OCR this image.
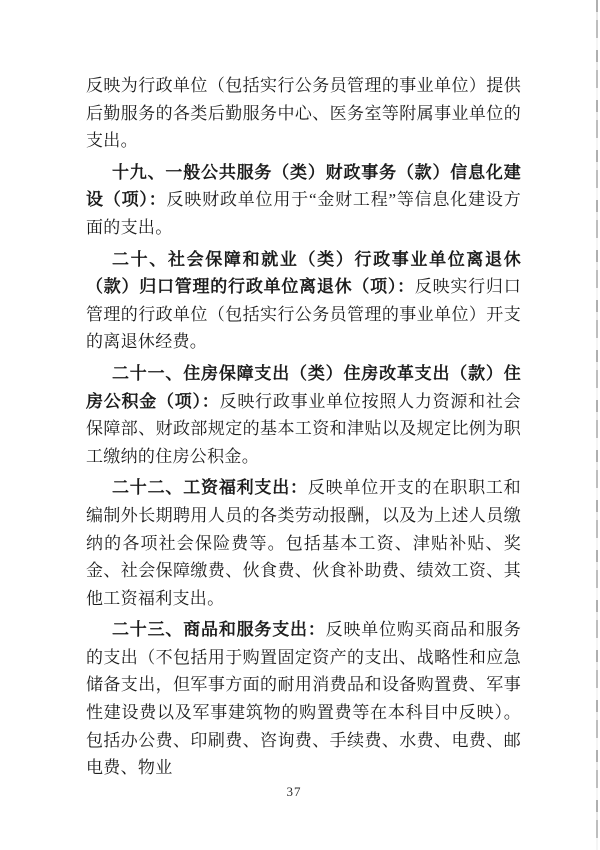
反映为行政单位（包括实行公务员管理的事业单位）提供后勤服务的各类后勤服务中心、医务室等附属事业单位的支出。

十九、一般公共服务（类）财政事务（款）信息化建设（项）：反映财政单位用于“金财工程”等信息化建设方面的支出。

二十、社会保障和就业（类）行政事业单位离退休（款）归口管理的行政单位离退休（项）：反映实行归口管理的行政单位（包括实行公务员管理的事业单位）开支的离退休经费。

二十一、住房保障支出（类）住房改革支出（款）住房公积金（项）：反映行政事业单位按照人力资源和社会保障部、财政部规定的基本工资和津贴以及规定比例为职工缴纳的住房公积金。

二十二、工资福利支出：反映单位开支的在职职工和编制外长期聘用人员的各类劳动报酬，以及为上述人员缴纳的各项社会保险费等。包括基本工资、津贴补贴、奖金、社会保障缴费、伙食费、伙食补助费、绩效工资、其他工资福利支出。

二十三、商品和服务支出：反映单位购买商品和服务的支出（不包括用于购置固定资产的支出、战略性和应急储备支出，但军事方面的耐用消费品和设备购置费、军事性建设费以及军事建筑物的购置费等在本科目中反映）。包括办公费、印刷费、咨询费、手续费、水费、电费、邮电费、物业

37
